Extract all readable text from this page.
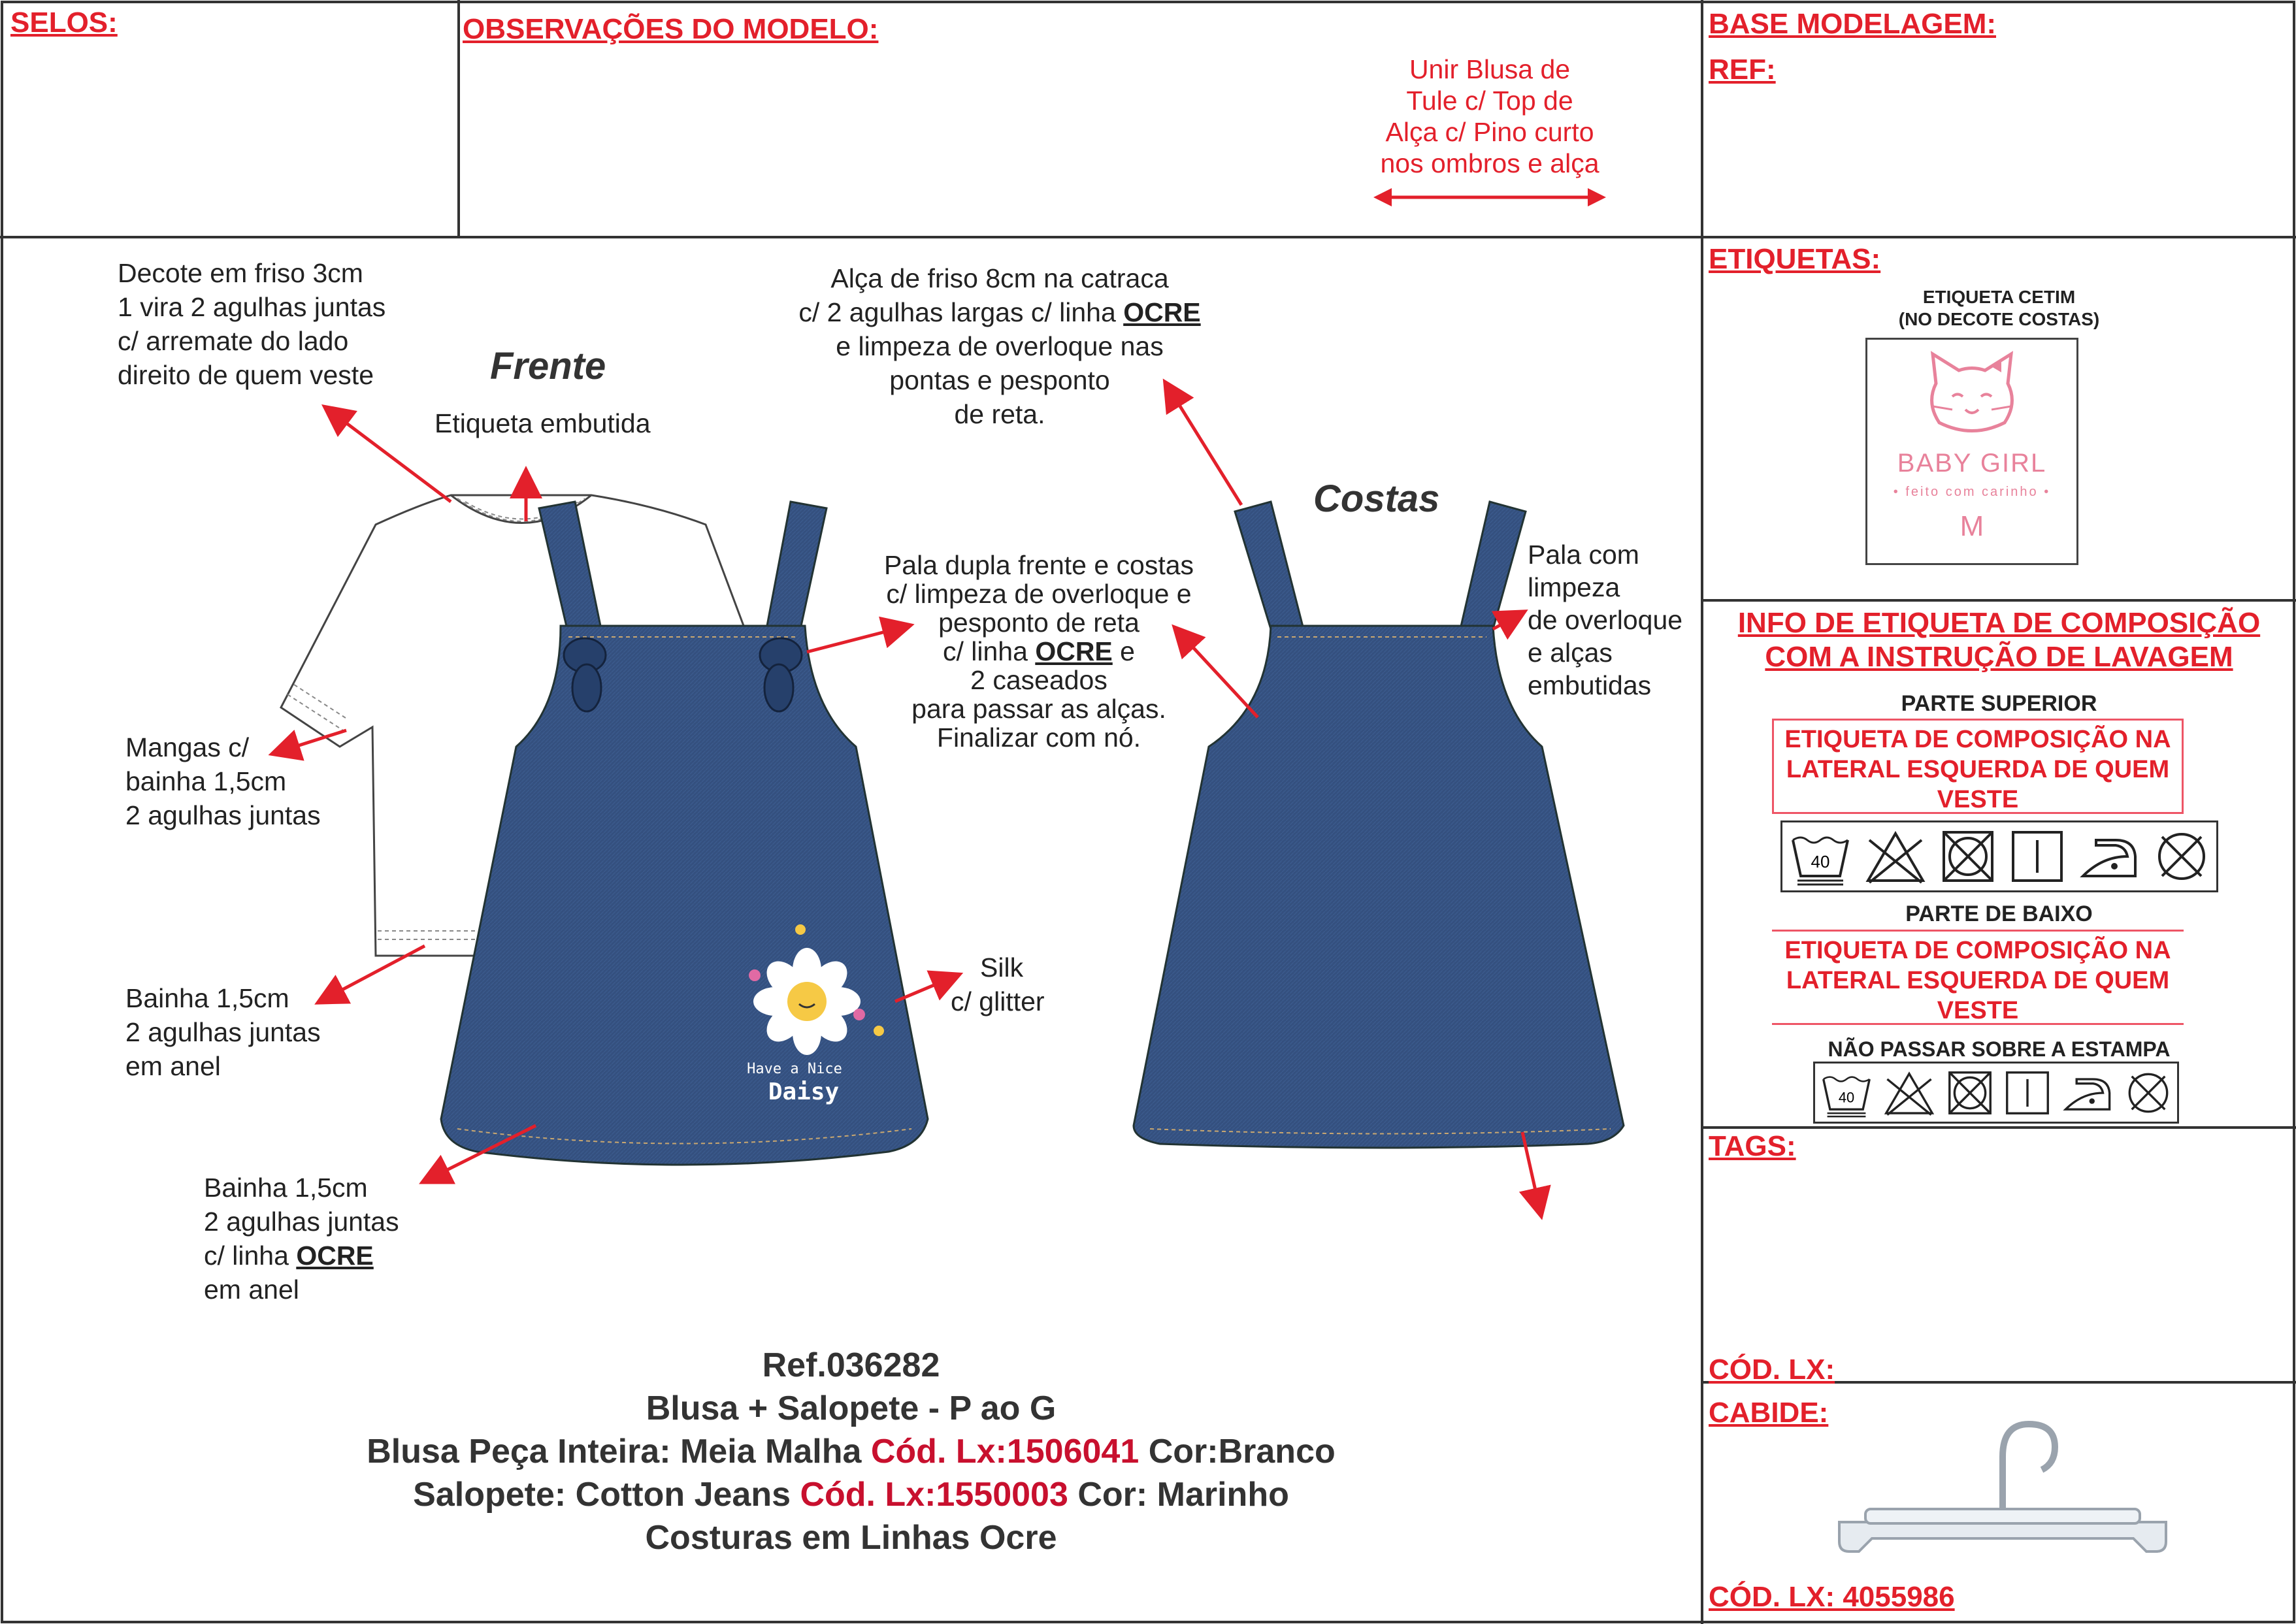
SELOS:	OBSERVAÇÕES DO MODELO:
Unir Blusa de
Tule c/ Top de
Alça c/ Pino curto
nos ombros e alça
BASE MODELAGEM:
REF:
Have a Nice
Daisy
Frente
Costas
Decote em friso 3cm
1 vira 2 agulhas juntas
c/ arremate do lado
direito de quem veste
Etiqueta embutida
Alça de friso 8cm na catraca
c/ 2 agulhas largas c/ linha OCRE
e limpeza de overloque nas
pontas e pesponto
de reta.
Pala dupla frente e costas
c/ limpeza de overloque e
pesponto de reta
c/ linha OCRE e
2 caseados
para passar as alças.
Finalizar com nó.
Pala com
limpeza
de overloque
e alças
embutidas
Mangas c/
bainha 1,5cm
2 agulhas juntas
Bainha 1,5cm
2 agulhas juntas
em anel
Silk
c/ glitter
Bainha 1,5cm
2 agulhas juntas
c/ linha OCRE
em anel
Ref.036282
Blusa + Salopete - P ao G
Blusa Peça Inteira: Meia Malha Cód. Lx:1506041 Cor:Branco
Salopete: Cotton Jeans Cód. Lx:1550003 Cor: Marinho
Costuras em Linhas Ocre
ETIQUETAS:
ETIQUETA CETIM
(NO DECOTE COSTAS)
BABY GIRL
• feito com carinho •
M
INFO DE ETIQUETA DE COMPOSIÇÃO
COM A INSTRUÇÃO DE LAVAGEM
PARTE SUPERIOR
ETIQUETA DE COMPOSIÇÃO NA
LATERAL ESQUERDA DE QUEM
VESTE
40
PARTE DE BAIXO
ETIQUETA DE COMPOSIÇÃO NA
LATERAL ESQUERDA DE QUEM
VESTE
NÃO PASSAR SOBRE A ESTAMPA
40
TAGS:
CÓD. LX:
CABIDE:
CÓD. LX: 4055986
